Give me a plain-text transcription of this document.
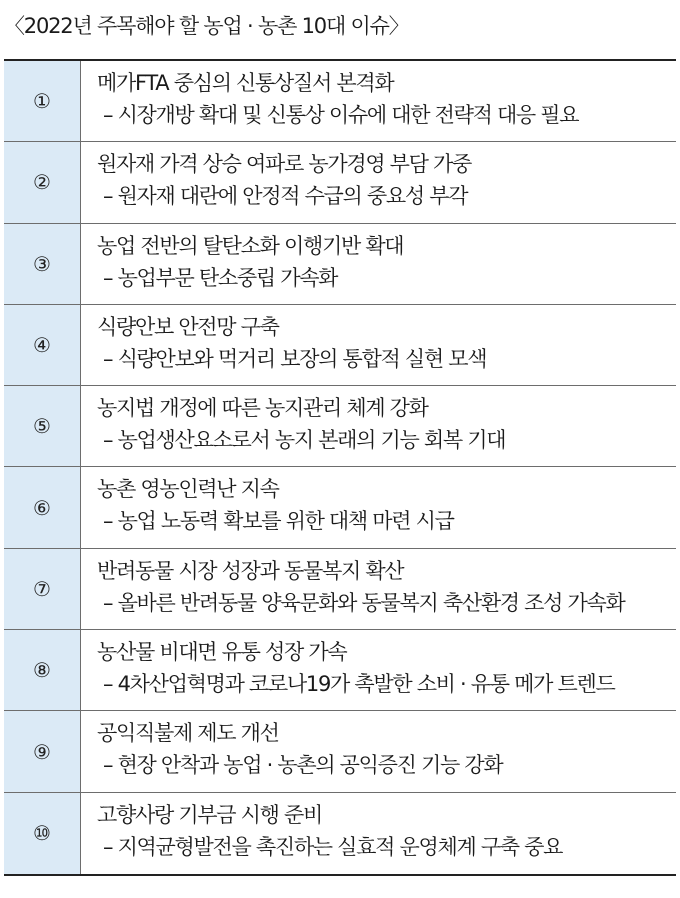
〈2022년 주목해야 할 농업 · 농촌 10대 이슈〉
①
메가FTA 중심의 신통상질서 본격화
– 시장개방 확대 및 신통상 이슈에 대한 전략적 대응 필요
②
원자재 가격 상승 여파로 농가경영 부담 가중
– 원자재 대란에 안정적 수급의 중요성 부각
③
농업 전반의 탈탄소화 이행기반 확대
– 농업부문 탄소중립 가속화
④
식량안보 안전망 구축
– 식량안보와 먹거리 보장의 통합적 실현 모색
⑤
농지법 개정에 따른 농지관리 체계 강화
– 농업생산요소로서 농지 본래의 기능 회복 기대
⑥
농촌 영농인력난 지속
– 농업 노동력 확보를 위한 대책 마련 시급
⑦
반려동물 시장 성장과 동물복지 확산
– 올바른 반려동물 양육문화와 동물복지 축산환경 조성 가속화
⑧
농산물 비대면 유통 성장 가속
– 4차산업혁명과 코로나19가 촉발한 소비 · 유통 메가 트렌드
⑨
공익직불제 제도 개선
– 현장 안착과 농업 · 농촌의 공익증진 기능 강화
⑩
고향사랑 기부금 시행 준비
– 지역균형발전을 촉진하는 실효적 운영체계 구축 중요
